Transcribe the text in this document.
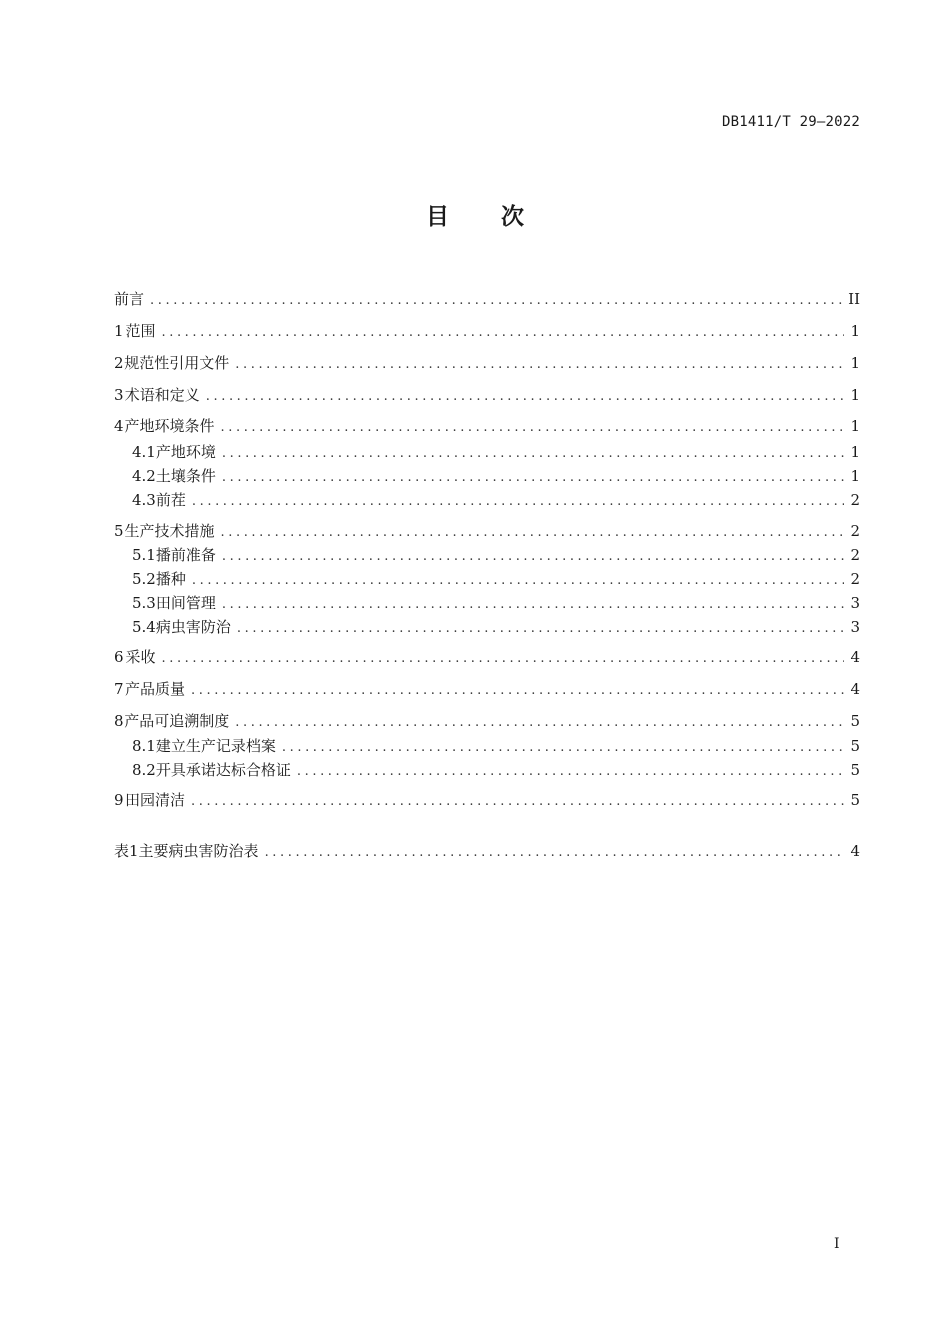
DB1411/T 29—2022
目 次
前言 .....	II
1 范围 .....	1
2 规范性引用文件 .....	1
3 术语和定义 .....	1
4 产地环境条件 .....	1
4.1 产地环境 .....	1
4.2 土壤条件 .....	1
4.3 前茬 .....	2
5 生产技术措施 .....	2
5.1 播前准备 .....	2
5.2 播种 .....	2
5.3 田间管理 .....	3
5.4 病虫害防治 .....	3
6 采收 .....	4
7 产品质量 .....	4
8 产品可追溯制度 .....	5
8.1 建立生产记录档案 .....	5
8.2 开具承诺达标合格证 .....	5
9 田园清洁 .....	5
表1 主要病虫害防治表 .....	4
I
